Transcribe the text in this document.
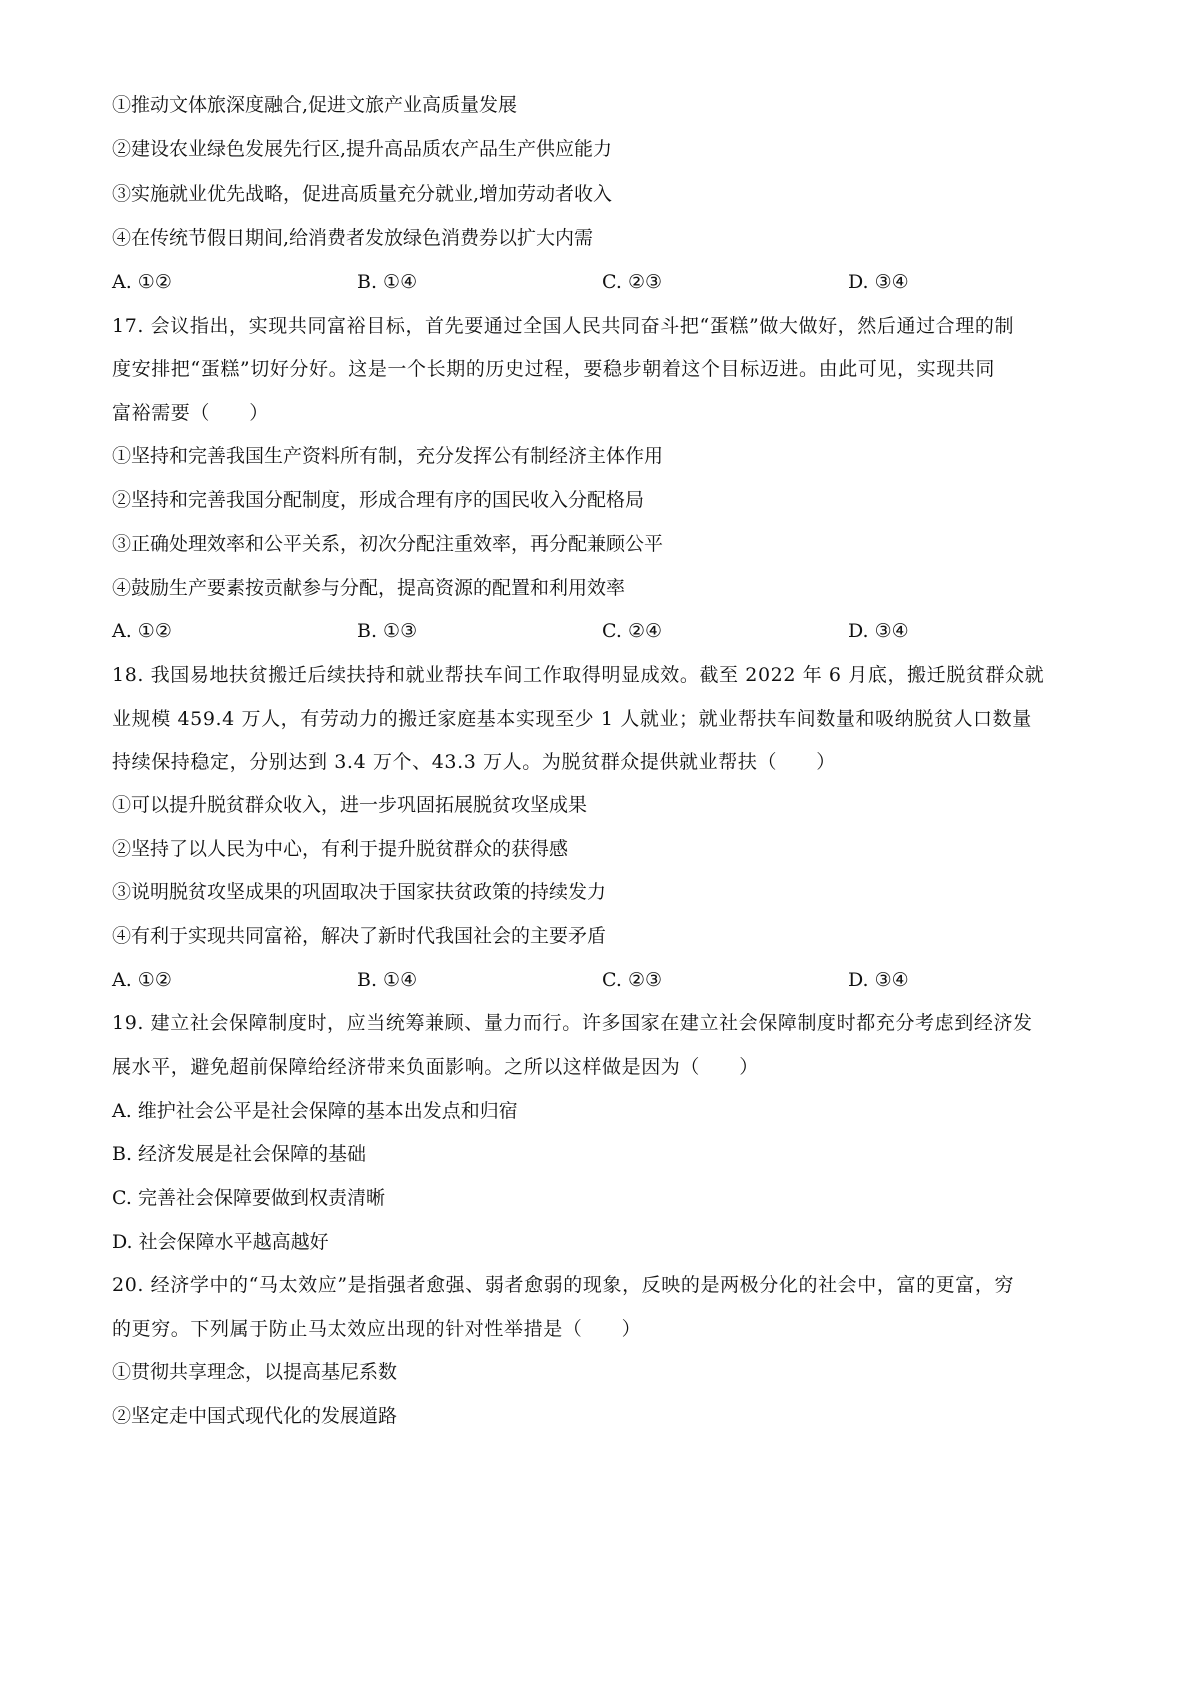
①推动文体旅深度融合,促进文旅产业高质量发展
②建设农业绿色发展先行区,提升高品质农产品生产供应能力
③实施就业优先战略，促进高质量充分就业,增加劳动者收入
④在传统节假日期间,给消费者发放绿色消费券以扩大内需
A. ①②	B. ①④	C. ②③	D. ③④
17. 会议指出，实现共同富裕目标，首先要通过全国人民共同奋斗把“蛋糕”做大做好，然后通过合理的制
度安排把“蛋糕”切好分好。这是一个长期的历史过程，要稳步朝着这个目标迈进。由此可见，实现共同
富裕需要（　　）
①坚持和完善我国生产资料所有制，充分发挥公有制经济主体作用
②坚持和完善我国分配制度，形成合理有序的国民收入分配格局
③正确处理效率和公平关系，初次分配注重效率，再分配兼顾公平
④鼓励生产要素按贡献参与分配，提高资源的配置和利用效率
A. ①②	B. ①③	C. ②④	D. ③④
18. 我国易地扶贫搬迁后续扶持和就业帮扶车间工作取得明显成效。截至 2022 年 6 月底，搬迁脱贫群众就
业规模 459.4 万人，有劳动力的搬迁家庭基本实现至少 1 人就业；就业帮扶车间数量和吸纳脱贫人口数量
持续保持稳定，分别达到 3.4 万个、43.3 万人。为脱贫群众提供就业帮扶（　　）
①可以提升脱贫群众收入，进一步巩固拓展脱贫攻坚成果
②坚持了以人民为中心，有利于提升脱贫群众的获得感
③说明脱贫攻坚成果的巩固取决于国家扶贫政策的持续发力
④有利于实现共同富裕，解决了新时代我国社会的主要矛盾
A. ①②	B. ①④	C. ②③	D. ③④
19. 建立社会保障制度时，应当统筹兼顾、量力而行。许多国家在建立社会保障制度时都充分考虑到经济发
展水平，避免超前保障给经济带来负面影响。之所以这样做是因为（　　）
A. 维护社会公平是社会保障的基本出发点和归宿
B. 经济发展是社会保障的基础
C. 完善社会保障要做到权责清晰
D. 社会保障水平越高越好
20. 经济学中的“马太效应”是指强者愈强、弱者愈弱的现象，反映的是两极分化的社会中，富的更富，穷
的更穷。下列属于防止马太效应出现的针对性举措是（　　）
①贯彻共享理念，以提高基尼系数
②坚定走中国式现代化的发展道路
